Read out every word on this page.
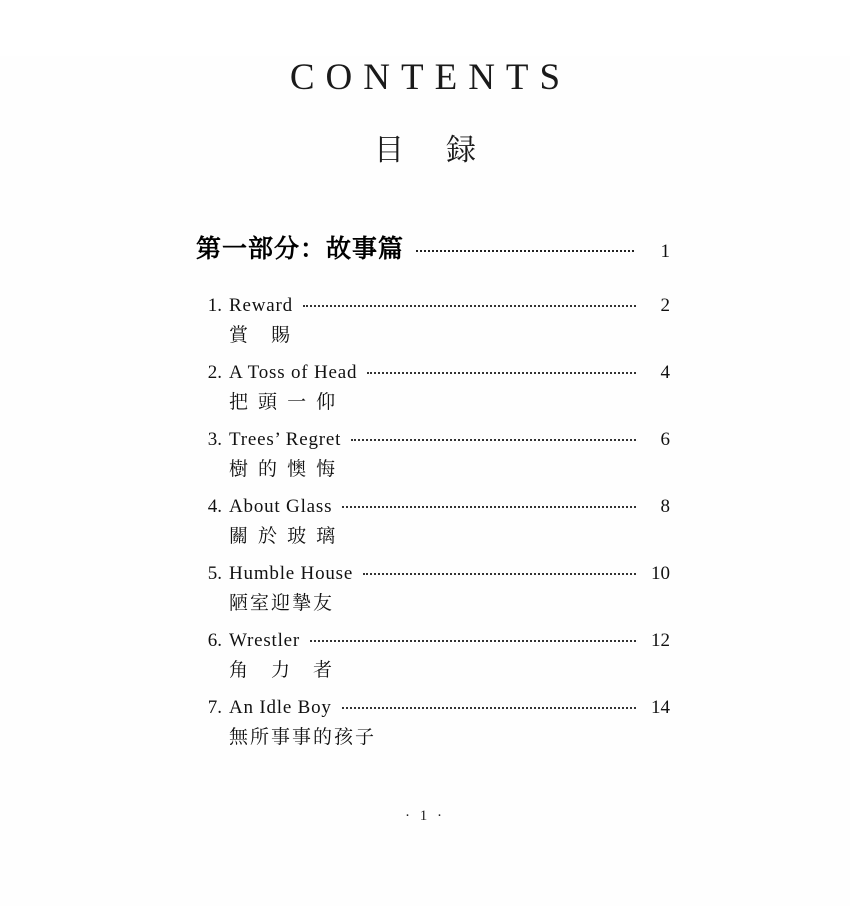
CONTENTS
目 録
第一部分：故事篇	1
1. Reward	2
賞　賜
2. A Toss of Head	4
把 頭 一 仰
3. Trees’ Regret	6
樹 的 懊 悔
4. About Glass	8
關 於 玻 璃
5. Humble House	10
陋室迎摯友
6. Wrestler	12
角　力　者
7. An Idle Boy	14
無所事事的孩子
· 1 ·
